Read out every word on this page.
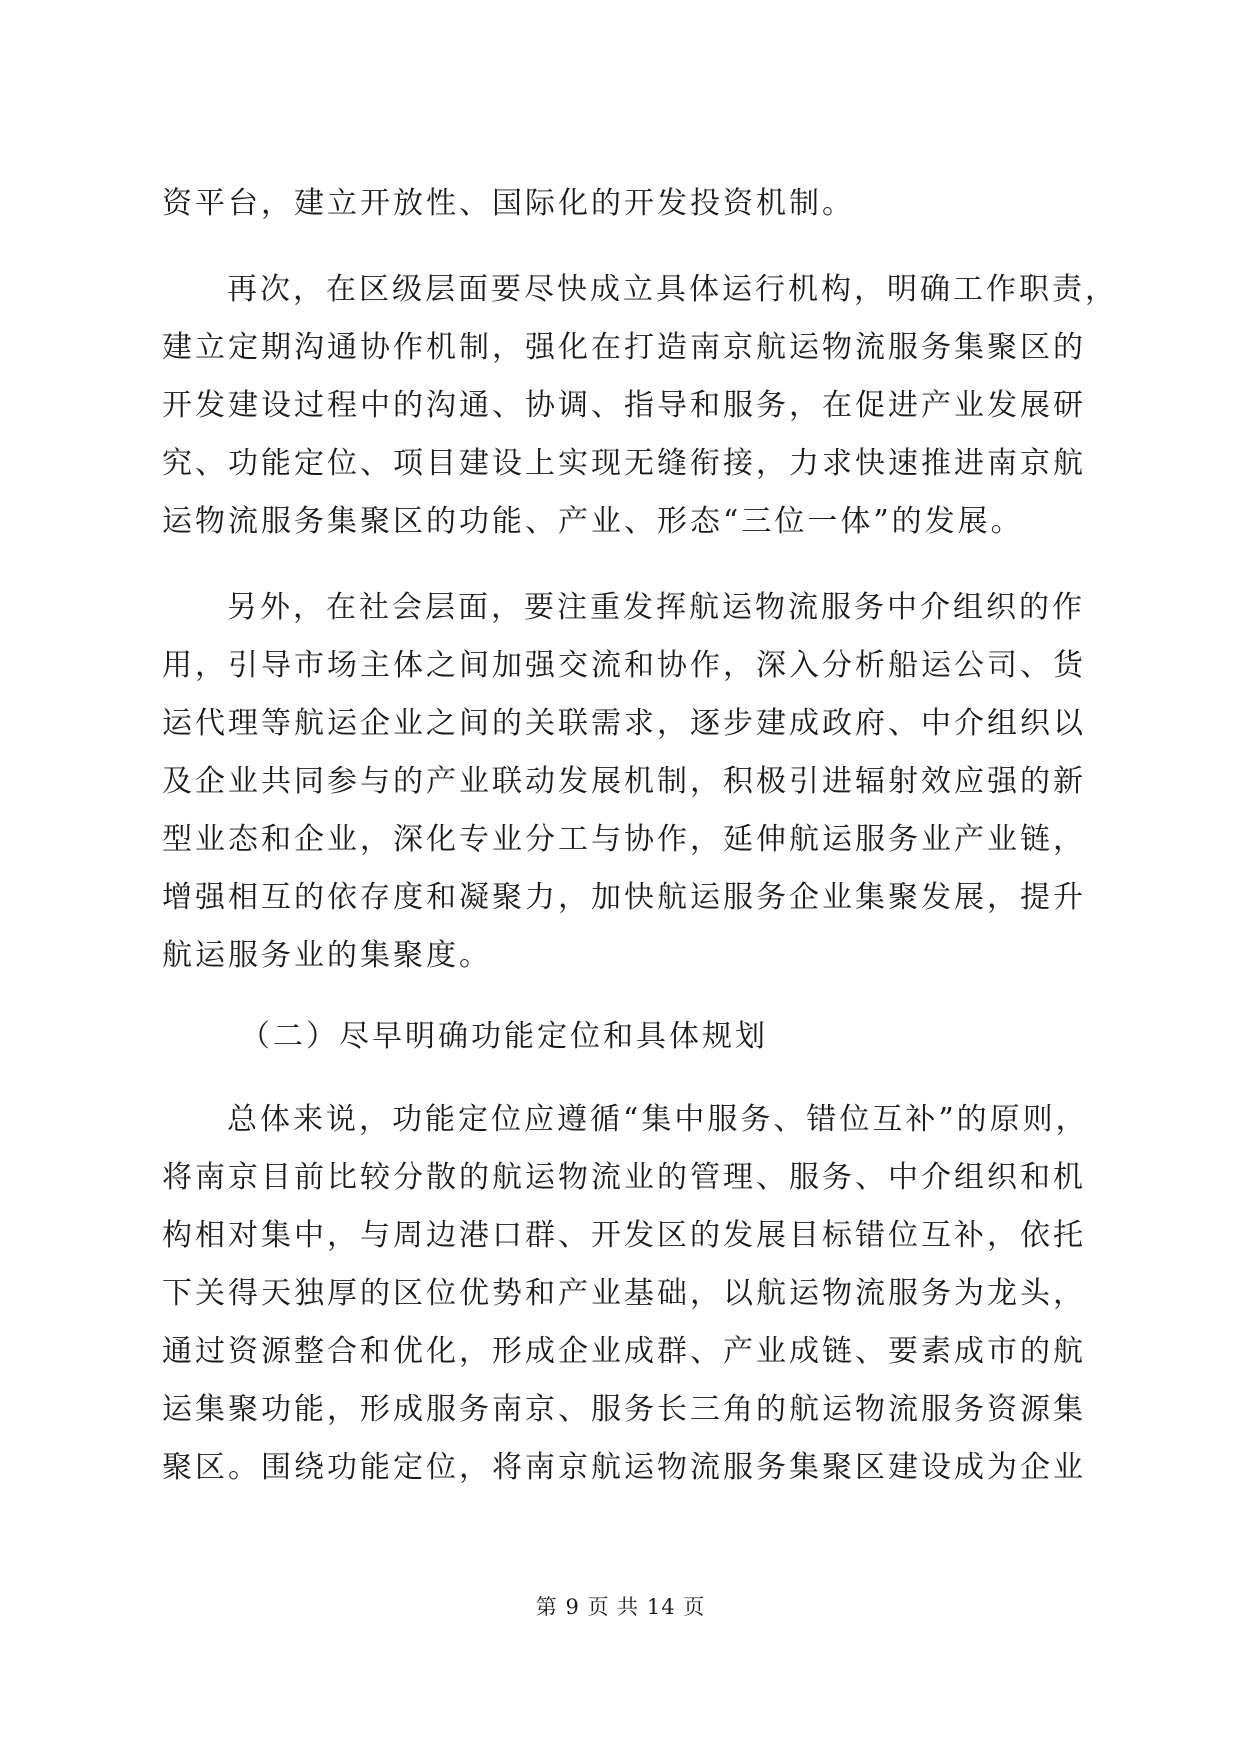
资平台，建立开放性、国际化的开发投资机制。
再次，在区级层面要尽快成立具体运行机构，明确工作职责，
建立定期沟通协作机制，强化在打造南京航运物流服务集聚区的
开发建设过程中的沟通、协调、指导和服务，在促进产业发展研
究、功能定位、项目建设上实现无缝衔接，力求快速推进南京航
运物流服务集聚区的功能、产业、形态“三位一体”的发展。
另外，在社会层面，要注重发挥航运物流服务中介组织的作
用，引导市场主体之间加强交流和协作，深入分析船运公司、货
运代理等航运企业之间的关联需求，逐步建成政府、中介组织以
及企业共同参与的产业联动发展机制，积极引进辐射效应强的新
型业态和企业，深化专业分工与协作，延伸航运服务业产业链，
增强相互的依存度和凝聚力，加快航运服务企业集聚发展，提升
航运服务业的集聚度。
（二）尽早明确功能定位和具体规划
总体来说，功能定位应遵循“集中服务、错位互补”的原则，
将南京目前比较分散的航运物流业的管理、服务、中介组织和机
构相对集中，与周边港口群、开发区的发展目标错位互补，依托
下关得天独厚的区位优势和产业基础，以航运物流服务为龙头，
通过资源整合和优化，形成企业成群、产业成链、要素成市的航
运集聚功能，形成服务南京、服务长三角的航运物流服务资源集
聚区。围绕功能定位，将南京航运物流服务集聚区建设成为企业
第 9 页 共 14 页
